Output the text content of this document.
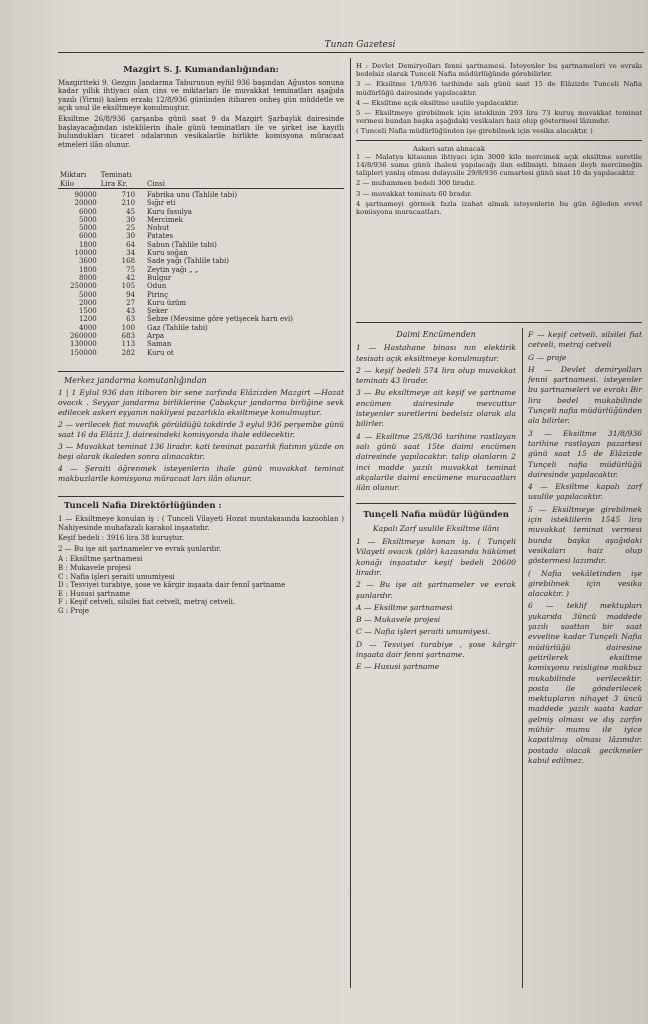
Tunan Gazetesi
Mazgirt S. J. Kumandanlığından:

Mazgirtteki 9. Gezgin Jandarma Taburunun eylül 936 başından Ağustos sonuna kadar yıllık ihtiyacı olan cins ve miktarları ile muvakkat teminatları aşağıda yazılı (Yirmi) kalem erzakı 12/8/936 gününden itibaren onbeş gün müddetle ve açık usul ile eksiltmeye konulmuştur.

Eksiltme 26/8/936 çarşanba günü saat 9 da Mazgirt Şarbaylık dairesinde başlayacağından isteklilerin ihale günü teminatları ile ve şirket ise kayıtlı bulundukları ticaret odalarının vesikalarile birlikte komisyona müracaat etmeleri ilân olunur.

Miktarı
Kilo	Teminatı
Lira Kr.	Cinsi

90000	710	Fabrika unu (Tahlile tabi)
20000	210	Sığır eti
6000	45	Kuru fasulya
5000	30	Mercimek
5000	25	Nohut
6000	30	Patates
1800	64	Sabun (Tahlile tabi)
10000	34	Kuru soğan
3600	168	Sade yağı (Tahlile tabi)
1800	75	Zeytin yağı „ „
8000	42	Bulgur
250000	105	Odun
5000	94	Pirinç
2000	27	Kuru üzüm
1500	43	Şeker
1200	63	Sebze (Mevsime göre yetişecek harn evi)
4000	100	Gaz (Tahlile tabi)
260000	683	Arpa
130000	113	Saman
150000	282	Kuru ot
Merkez jandarma komutanlığından

1 | 1 Eylul 936 dan itibaren bir sene zarfında Elâzizden Mazgirt —Hozat ovacık . Seyyar jandarma birliklerine Çabakçur jandarma birliğine sevk edilecek askeri eşyanın nakliyesi pazarlıkla eksiltmeye konulmuştur.

2 — verilecek fiat muvafık görüldüğü takdirde 3 eylul 936 perşembe günü saat 16 da Elâziz J. dairesindeki komisyonda ihale edilecektir.

3 — Muvakkat teminat 136 liradır. kati teminat pazarlık fiatının yüzde on beşi olarak ikaleden sonra alınacaktır.

4 — Şeraiti öğrenmek isteyenlerin ihale günü muvakkat teminat makbuzlarile komisyona müracaat ları ilân olunur.

Tunceli Nafia Direktörlüğünden :

1 — Eksiltmeye konulan iş : ( Tunceli Vilayeti Hozat muntakasında kazoohlan ) Nahiyesinde muhafazalı karakol inşaatıdır.

Keşif bedeli : 3916 lira 38 kuruştur.

2 — Bu işe ait şartnameler ve evrak şunlardır.

A : Eksiltme şartnamesi
B : Mukavele projesi
C : Nafia işleri şeraiti umumiyesi
D : Tesviyei turabiye, şose ve kârgir inşaata dair fennî şartname
E : Hususi şartname
F : Keşif cetveli, silsilei fiat cetveli, metraj cetveli.
G : Proje

H : Devlet Demiryolları fenni şartnamesi. İsteyenler bu şartnameleri ve evrakı bedelsiz olarak Tunceli Nafia müdürlüğünde görebilirler.

3 — Eksiltme 1/9/936 tarihinde salı günü saat 15 de Elâzizde Tunceli Nafia müdürlüğü dairesinde yapılacaktır.

4 — Eksiltme açık eksiltme usulile yapılacaktır.

5 — Eksiltmeye girebilmek için isteklinin 293 lira 73 kuruş muvakkat teminat vermesi bundan başka aşağıdaki vesikaları haiz olup göstermesi lâzımdır.

( Tunceli Nafia müdürlüğünden işe girebilmek için vesika alacaktır. )

Askeri satın alınacak

1 — Malatya kitasının ihtiyacı için 3000 kilo mercimek açık eksiltme suretile 14/8/936 suma günü ihalesi yapılacağı ilan edilmişti. binaen ileyh mercimeğin talipleri yanlış olması dolayısile 29/8/936 cumartesi günü saat 10 da yapılacaktır.

2 — muhammen bedeli 300 liradır.

3 — muvakkat teminatı 60 bradır.

4 şartnameyi görmek fazla izahat almak isteyenlerin bu gün öğleden evvel komisyona muracaatları.

Daimi Encümenden

1 — Hastahane binası nın elektirik tesisatı açık eksiltmeye konulmuştur.

2 — keşif bedeli 574 lira olup muvakkat teminatı 43 liradır.

3 — Bu eksiltmeye ait keşif ve şartname encümen dairesinde mevcuttur isteyenler suretlerini bedelsiz olarak ala bilirler.

4 — Eksiltme 25/8/36 tarihine rastlayan salı günü saat 15te daimi encümen dairesinde yapılacaktır. talip olanların 2 inci madde yazılı muvakkat teminat akçalarile daimi encümene muracaatları ilân olunur.

Tunçeli Nafia müdür lüğünden
Kapalı Zarf usulile Eksiltme ilânı

1 — Eksiltmeye konan iş. ( Tunçeli Vilayeti ovacık (plör) kazasında hükümet konağı inşaatıdır keşif bedeli 20600 liradır.

2 — Bu işe ait şartnameler ve evrak şunlardır.

A — Eksiltme şartnamesi

B — Mukavele projesi

C — Nafia işleri şeraiti umumiyesi.

D — Tesviyei turabiye , şose kârgir inşaata dair fenni şartname.

E — Hususi şartname

F — keşif cetveli. silsilei fiat cetveli, metraj cetveli

G — proje

H — Devlet demiryolları fenni şartnamesi. isteyenler bu şartnameleri ve evrakı Bir lira bedel mukabilinde Tunçeli nafia müdürlüğünden ala bilirler.

3 — Eksiltme 31/8/936 tarihine rastlayan pazartesi günü saat 15 de Elâzizde Tunçeli nafia müdürlüğü dairesinde yapılacaktır.

4 — Eksiltme kapalı zarf usulile yapılacaktır.

5 — Eksiltmeye girebilmek için isteklilerin 1545 lira muvakkat teminat vermesi bunda başka aşağıdaki vesikaları haiz olup göstermesi lazımdır.

( Nafia vekâletinden işe girebilmek için vesika alacaktır. )

6 — teklif mektupları yukarıda 3üncü maddede yazılı saattan bir saat evveline kadar Tunçeli Nafia müdürlüğü dairesine getirilerek eksiltme komisyonu reisligine makbuz mukabilinde verilecektir. posta ile gönderilecek mektupların nihayet 3 üncü maddede yazılı saata kadar gelmiş olması ve dış zarfın mühür mumu ile iyice kapatılmış olması lâzımdır. postada olacak gecikmeler kabul edilmez.
